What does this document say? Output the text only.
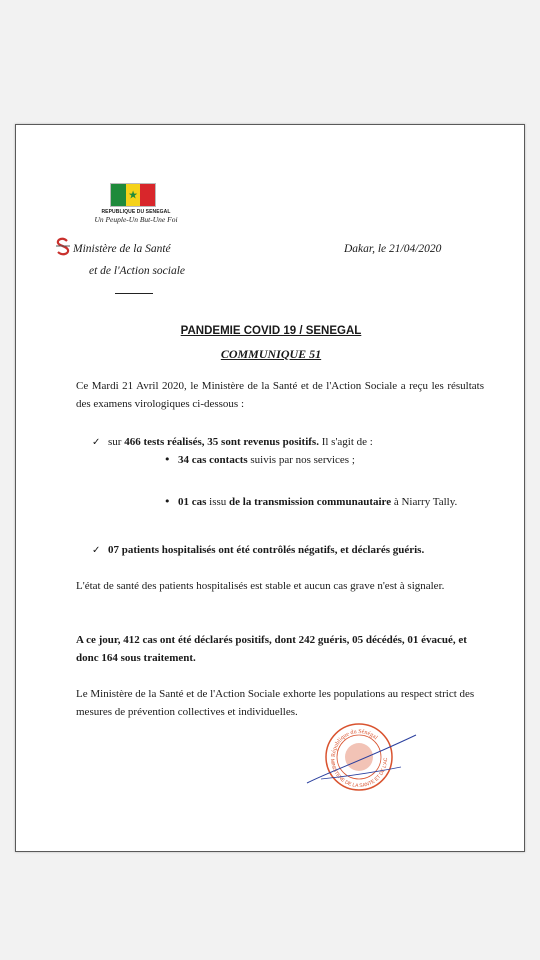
★
REPUBLIQUE DU SENEGAL
Un Peuple-Un But-Une Foi
Ministère de la Santé
et de l'Action sociale
Dakar, le 21/04/2020
PANDEMIE COVID 19 / SENEGAL
COMMUNIQUE 51
Ce Mardi 21 Avril 2020, le Ministère de la Santé et de l'Action Sociale a reçu les résultats des examens virologiques ci-dessous :
✓ sur 466 tests réalisés, 35 sont revenus positifs. Il s'agit de :
• 34 cas contacts suivis par nos services ;
• 01 cas issu de la transmission communautaire à Niarry Tally.
✓ 07 patients hospitalisés ont été contrôlés négatifs, et déclarés guéris.
L'état de santé des patients hospitalisés est stable et aucun cas grave n'est à signaler.
A ce jour, 412 cas ont été déclarés positifs, dont 242 guéris, 05 décédés, 01 évacué, et donc 164 sous traitement.
Le Ministère de la Santé et de l'Action Sociale exhorte les populations au respect strict des mesures de prévention collectives et individuelles.
République du Sénégal
MINISTERE DE LA SANTE ET DE L'AC
